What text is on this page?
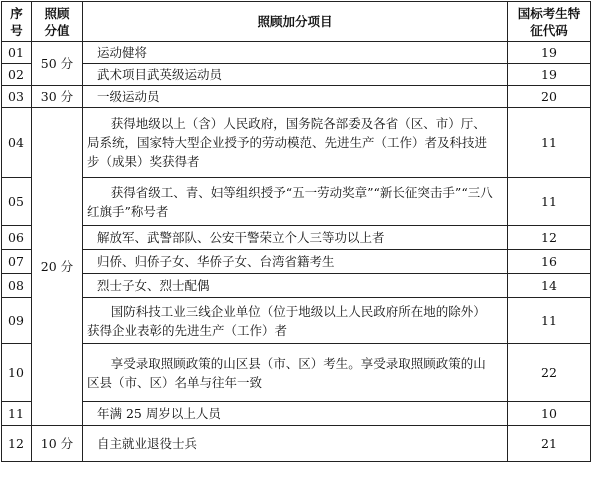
序号	照顾分值	照顾加分项目	国标考生特征代码
01	50 分	运动健将	19
02		武术项目武英级运动员	19
03	30 分	一级运动员	20
04	20 分	获得地级以上（含）人民政府，国务院各部委及各省（区、市）厅、局系统，国家特大型企业授予的劳动模范、先进生产（工作）者及科技进步（成果）奖获得者	11
05		获得省级工、青、妇等组织授予“五一劳动奖章”“新长征突击手”“三八红旗手”称号者	11
06		解放军、武警部队、公安干警荣立个人三等功以上者	12
07		归侨、归侨子女、华侨子女、台湾省籍考生	16
08		烈士子女、烈士配偶	14
09		国防科技工业三线企业单位（位于地级以上人民政府所在地的除外）获得企业表彰的先进生产（工作）者	11
10		享受录取照顾政策的山区县（市、区）考生。享受录取照顾政策的山区县（市、区）名单与往年一致	22
11		年满 25 周岁以上人员	10
12	10 分	自主就业退役士兵	21
